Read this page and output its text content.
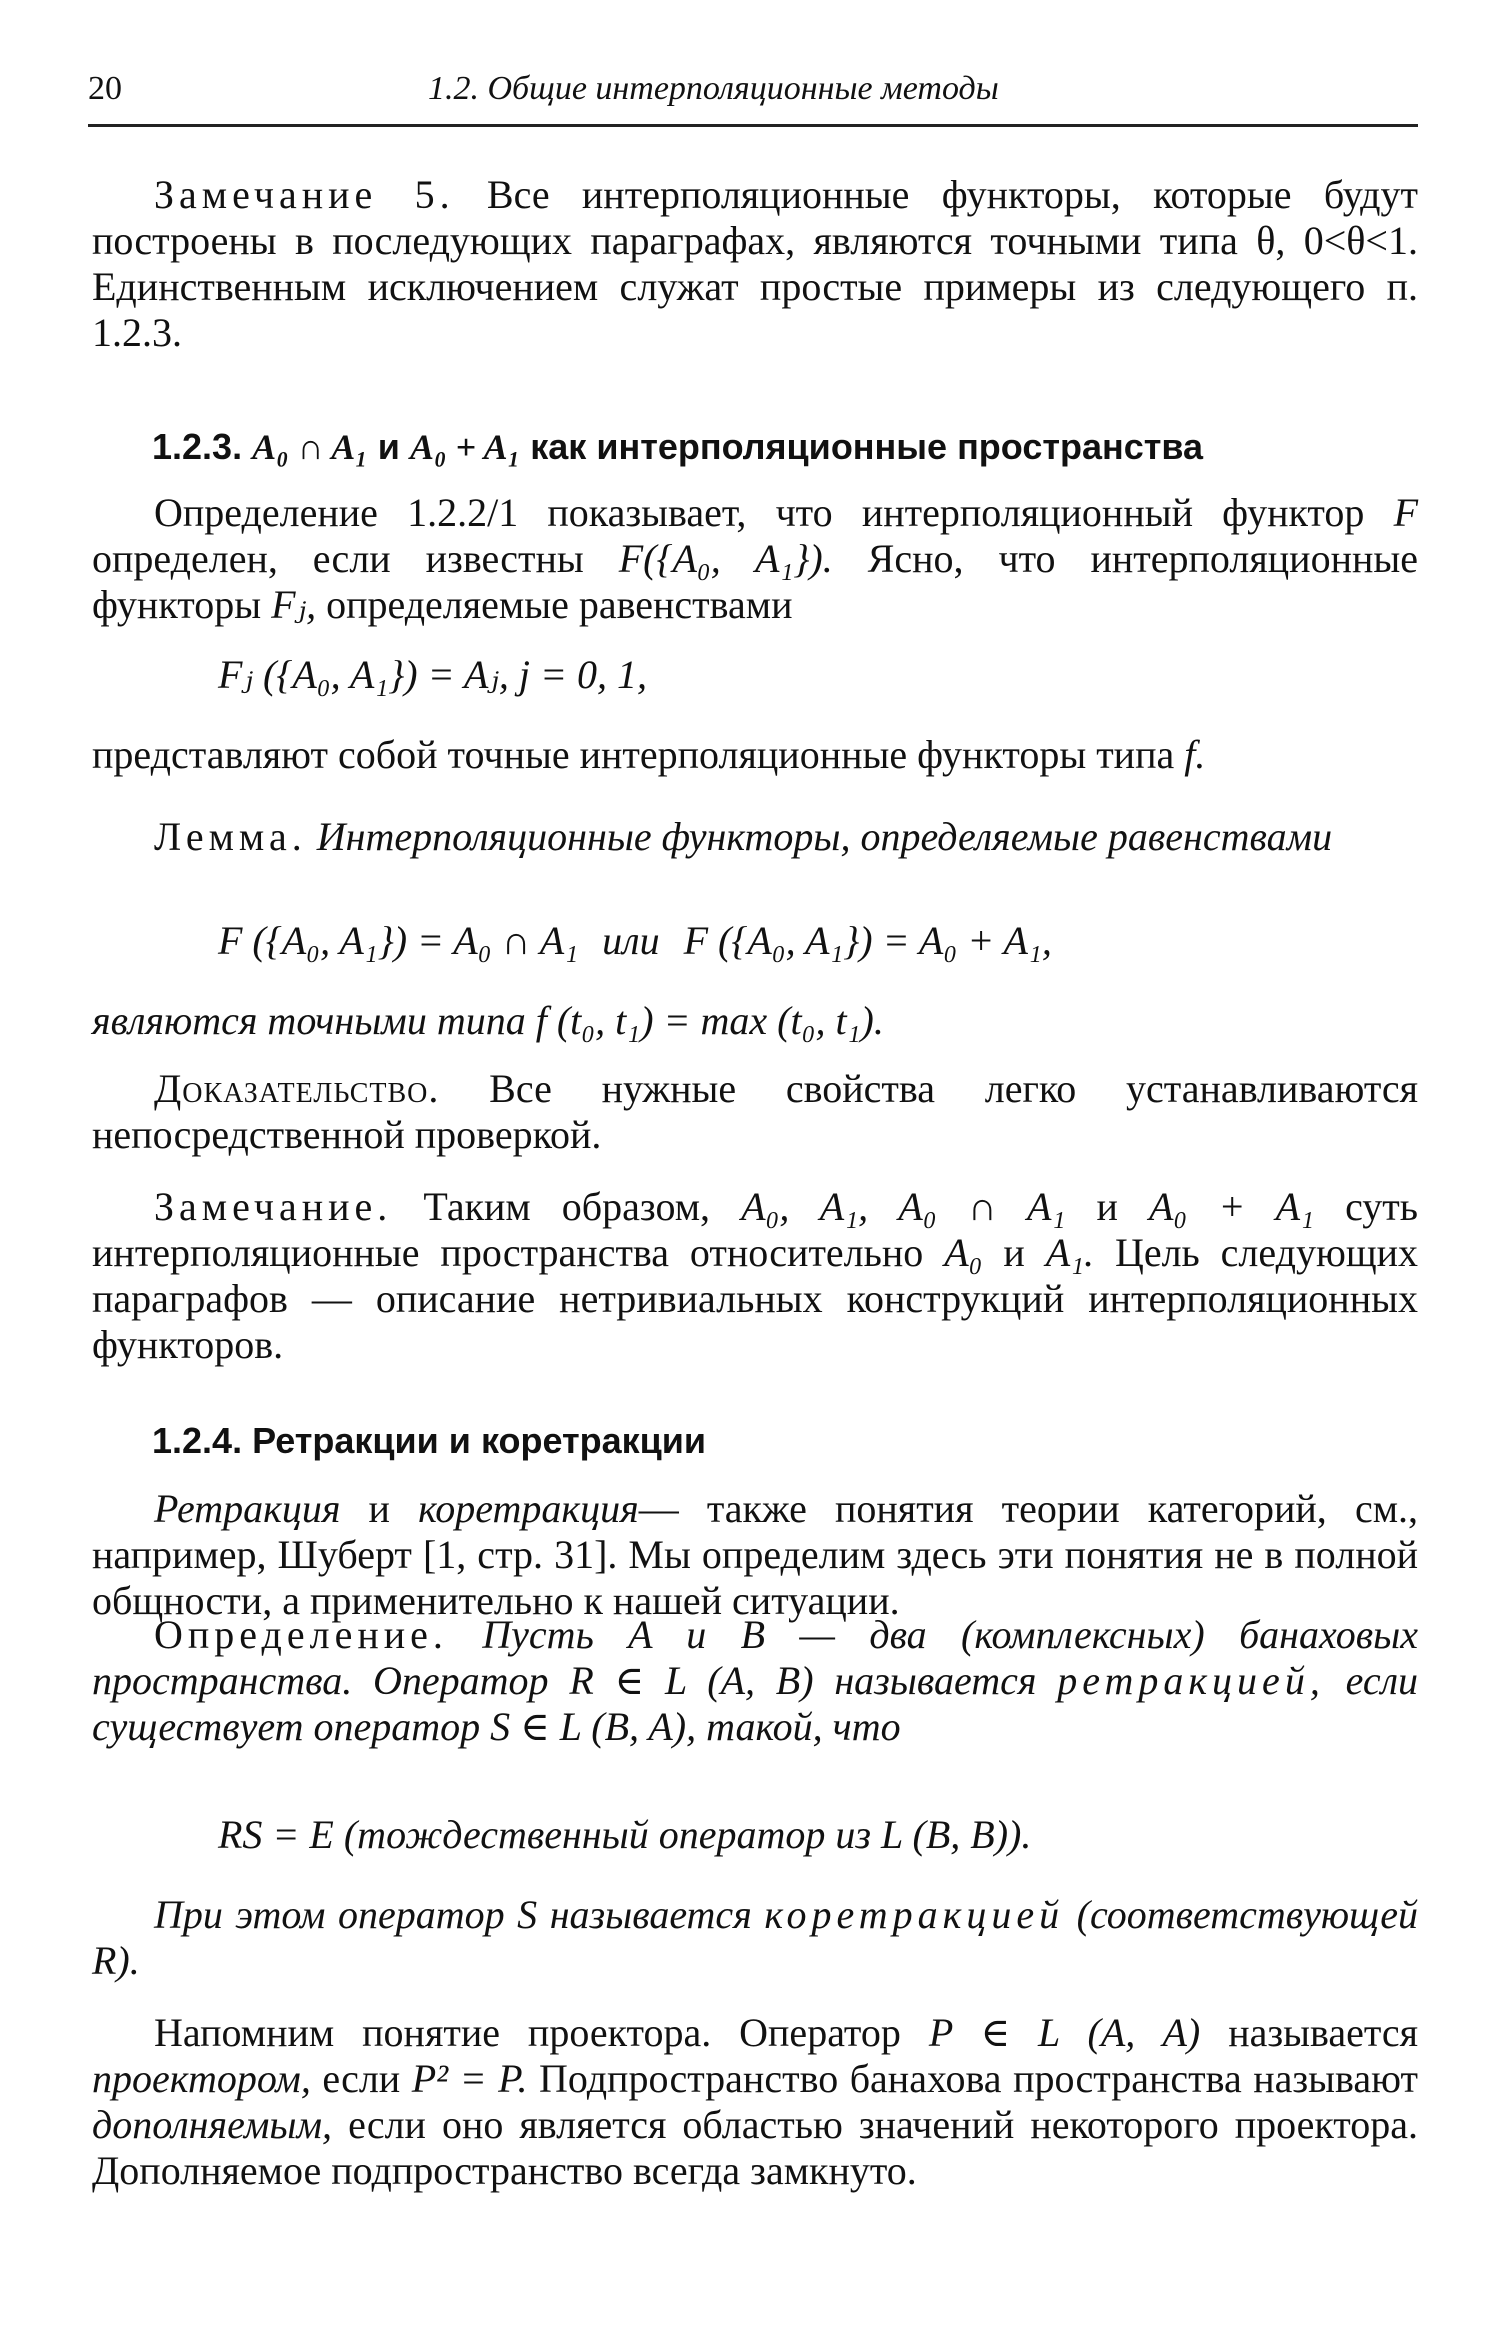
20	1.2. Общие интерполяционные методы
Замечание 5. Все интерполяционные функторы, которые будут построены в последующих параграфах, являются точными типа θ, 0<θ<1. Единственным исключением служат простые примеры из следующего п. 1.2.3.
1.2.3. A₀ ∩ A₁ и A₀ + A₁ как интерполяционные пространства
Определение 1.2.2/1 показывает, что интерполяционный функтор F определен, если известны F({A₀, A₁}). Ясно, что интерполяционные функторы Fⱼ, определяемые равенствами
Fⱼ ({A₀, A₁}) = Aⱼ, j = 0, 1,
представляют собой точные интерполяционные функторы типа f.
Лемма. Интерполяционные функторы, определяемые равенствами
F ({A₀, A₁}) = A₀ ∩ A₁ или F ({A₀, A₁}) = A₀ + A₁,
являются точными типа f (t₀, t₁) = max (t₀, t₁).
Доказательство. Все нужные свойства легко устанавливаются непосредственной проверкой.
Замечание. Таким образом, A₀, A₁, A₀ ∩ A₁ и A₀ + A₁ суть интерполяционные пространства относительно A₀ и A₁. Цель следующих параграфов — описание нетривиальных конструкций интерполяционных функторов.
1.2.4. Ретракции и коретракции
Ретракция и коретракция— также понятия теории категорий, см., например, Шуберт [1, стр. 31]. Мы определим здесь эти понятия не в полной общности, а применительно к нашей ситуации.
Определение. Пусть A и B — два (комплексных) банаховых пространства. Оператор R ∈ L (A, B) называется ретракцией, если существует оператор S ∈ L (B, A), такой, что
RS = E (тождественный оператор из L (B, B)).
При этом оператор S называется коретракцией (соответствующей R).
Напомним понятие проектора. Оператор P ∈ L (A, A) называется проектором, если P² = P. Подпространство банахова пространства называют дополняемым, если оно является областью значений некоторого проектора. Дополняемое подпространство всегда замкнуто.
